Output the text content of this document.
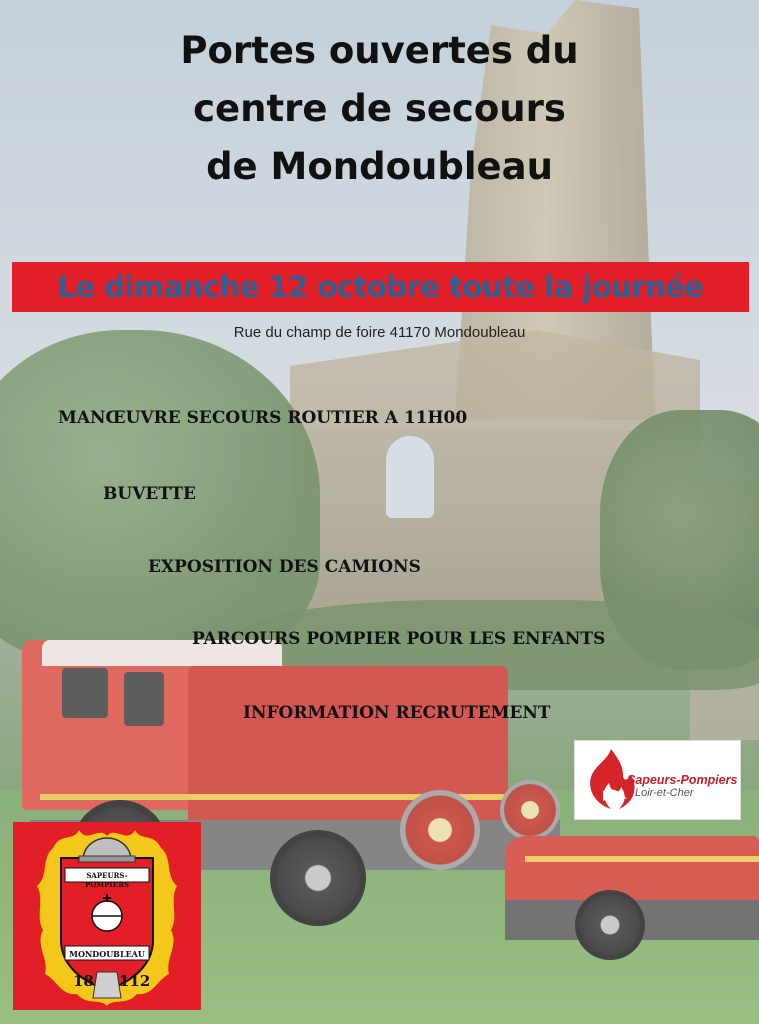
Portes ouvertes du
centre de secours
de Mondoubleau
Le dimanche 12 octobre toute la journée
Rue du champ de foire 41170 Mondoubleau
MANŒUVRE SECOURS ROUTIER A 11H00
BUVETTE
EXPOSITION DES CAMIONS
PARCOURS POMPIER POUR LES ENFANTS
INFORMATION RECRUTEMENT
Sapeurs-Pompiers
Loir-et-Cher
SAPEURS-POMPIERS
MONDOUBLEAU
18 112
